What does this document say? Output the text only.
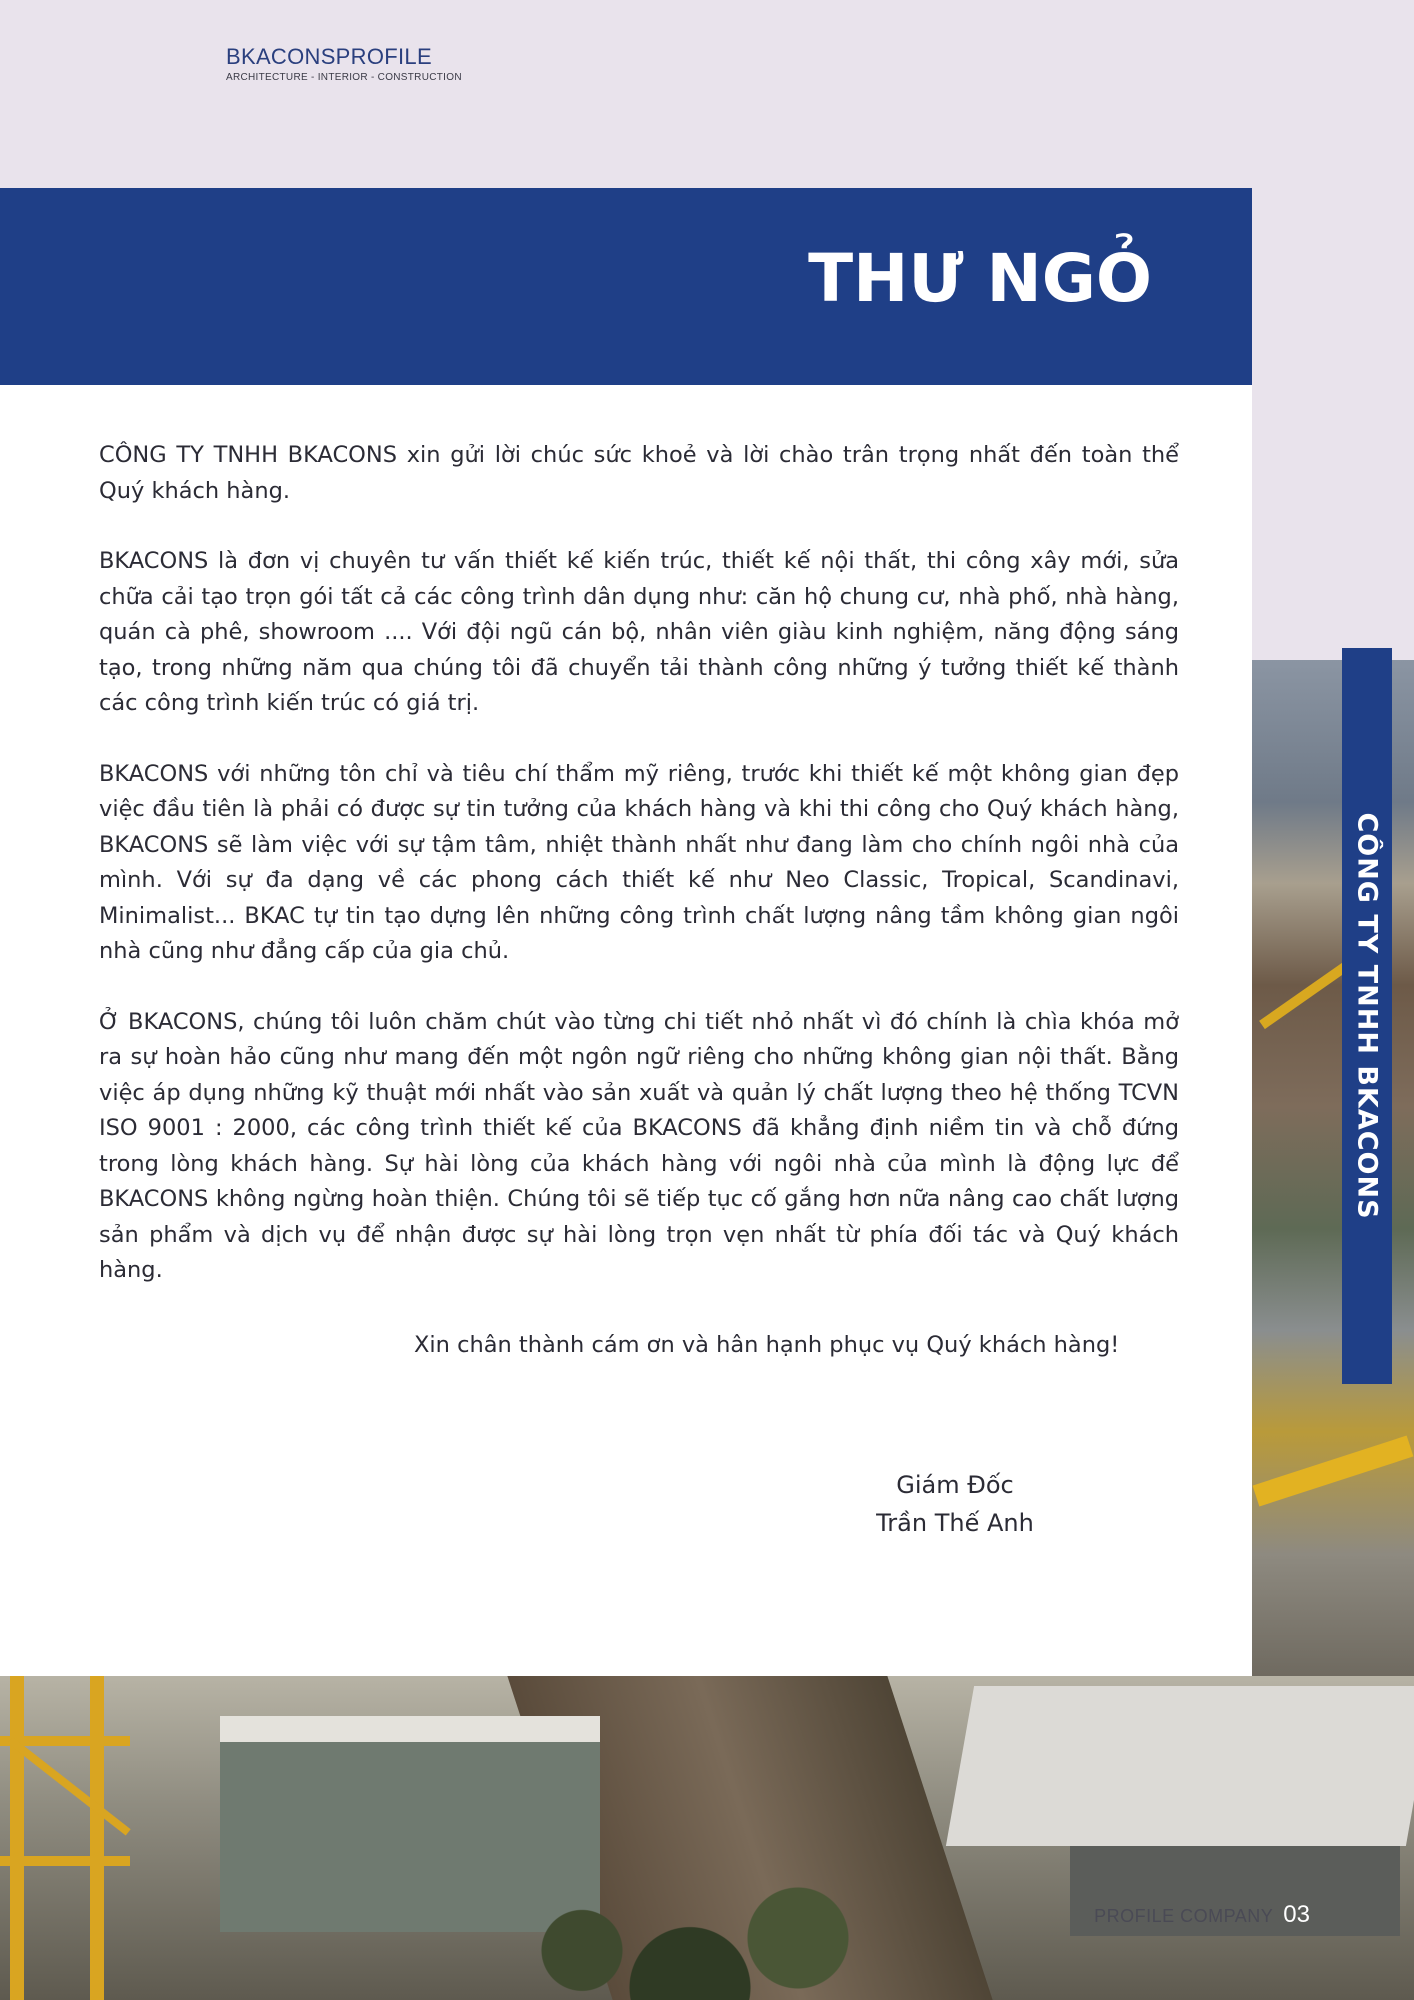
BKACONSPROFILE
ARCHITECTURE - INTERIOR - CONSTRUCTION
THƯ NGỎ

CÔNG TY TNHH BKACONS xin gửi lời chúc sức khoẻ và lời chào trân trọng nhất đến toàn thể Quý khách hàng.

BKACONS là đơn vị chuyên tư vấn thiết kế kiến trúc, thiết kế nội thất, thi công xây mới, sửa chữa cải tạo trọn gói tất cả các công trình dân dụng như: căn hộ chung cư, nhà phố, nhà hàng, quán cà phê, showroom .... Với đội ngũ cán bộ, nhân viên giàu kinh nghiệm, năng động sáng tạo, trong những năm qua chúng tôi đã chuyển tải thành công những ý tưởng thiết kế thành các công trình kiến trúc có giá trị.

BKACONS với những tôn chỉ và tiêu chí thẩm mỹ riêng, trước khi thiết kế một không gian đẹp việc đầu tiên là phải có được sự tin tưởng của khách hàng và khi thi công cho Quý khách hàng, BKACONS sẽ làm việc với sự tậm tâm, nhiệt thành nhất như đang làm cho chính ngôi nhà của mình. Với sự đa dạng về các phong cách thiết kế như Neo Classic, Tropical, Scandinavi, Minimalist... BKAC tự tin tạo dựng lên những công trình chất lượng nâng tầm không gian ngôi nhà cũng như đẳng cấp của gia chủ.

Ở BKACONS, chúng tôi luôn chăm chút vào từng chi tiết nhỏ nhất vì đó chính là chìa khóa mở ra sự hoàn hảo cũng như mang đến một ngôn ngữ riêng cho những không gian nội thất. Bằng việc áp dụng những kỹ thuật mới nhất vào sản xuất và quản lý chất lượng theo hệ thống TCVN ISO 9001 : 2000, các công trình thiết kế của BKACONS đã khẳng định niềm tin và chỗ đứng trong lòng khách hàng. Sự hài lòng của khách hàng với ngôi nhà của mình là động lực để BKACONS không ngừng hoàn thiện. Chúng tôi sẽ tiếp tục cố gắng hơn nữa nâng cao chất lượng sản phẩm và dịch vụ để nhận được sự hài lòng trọn vẹn nhất từ phía đối tác và Quý khách hàng.

Xin chân thành cám ơn và hân hạnh phục vụ Quý khách hàng!
Giám Đốc
Trần Thế Anh
CÔNG TY TNHH BKACONS
PROFILE COMPANY 03
